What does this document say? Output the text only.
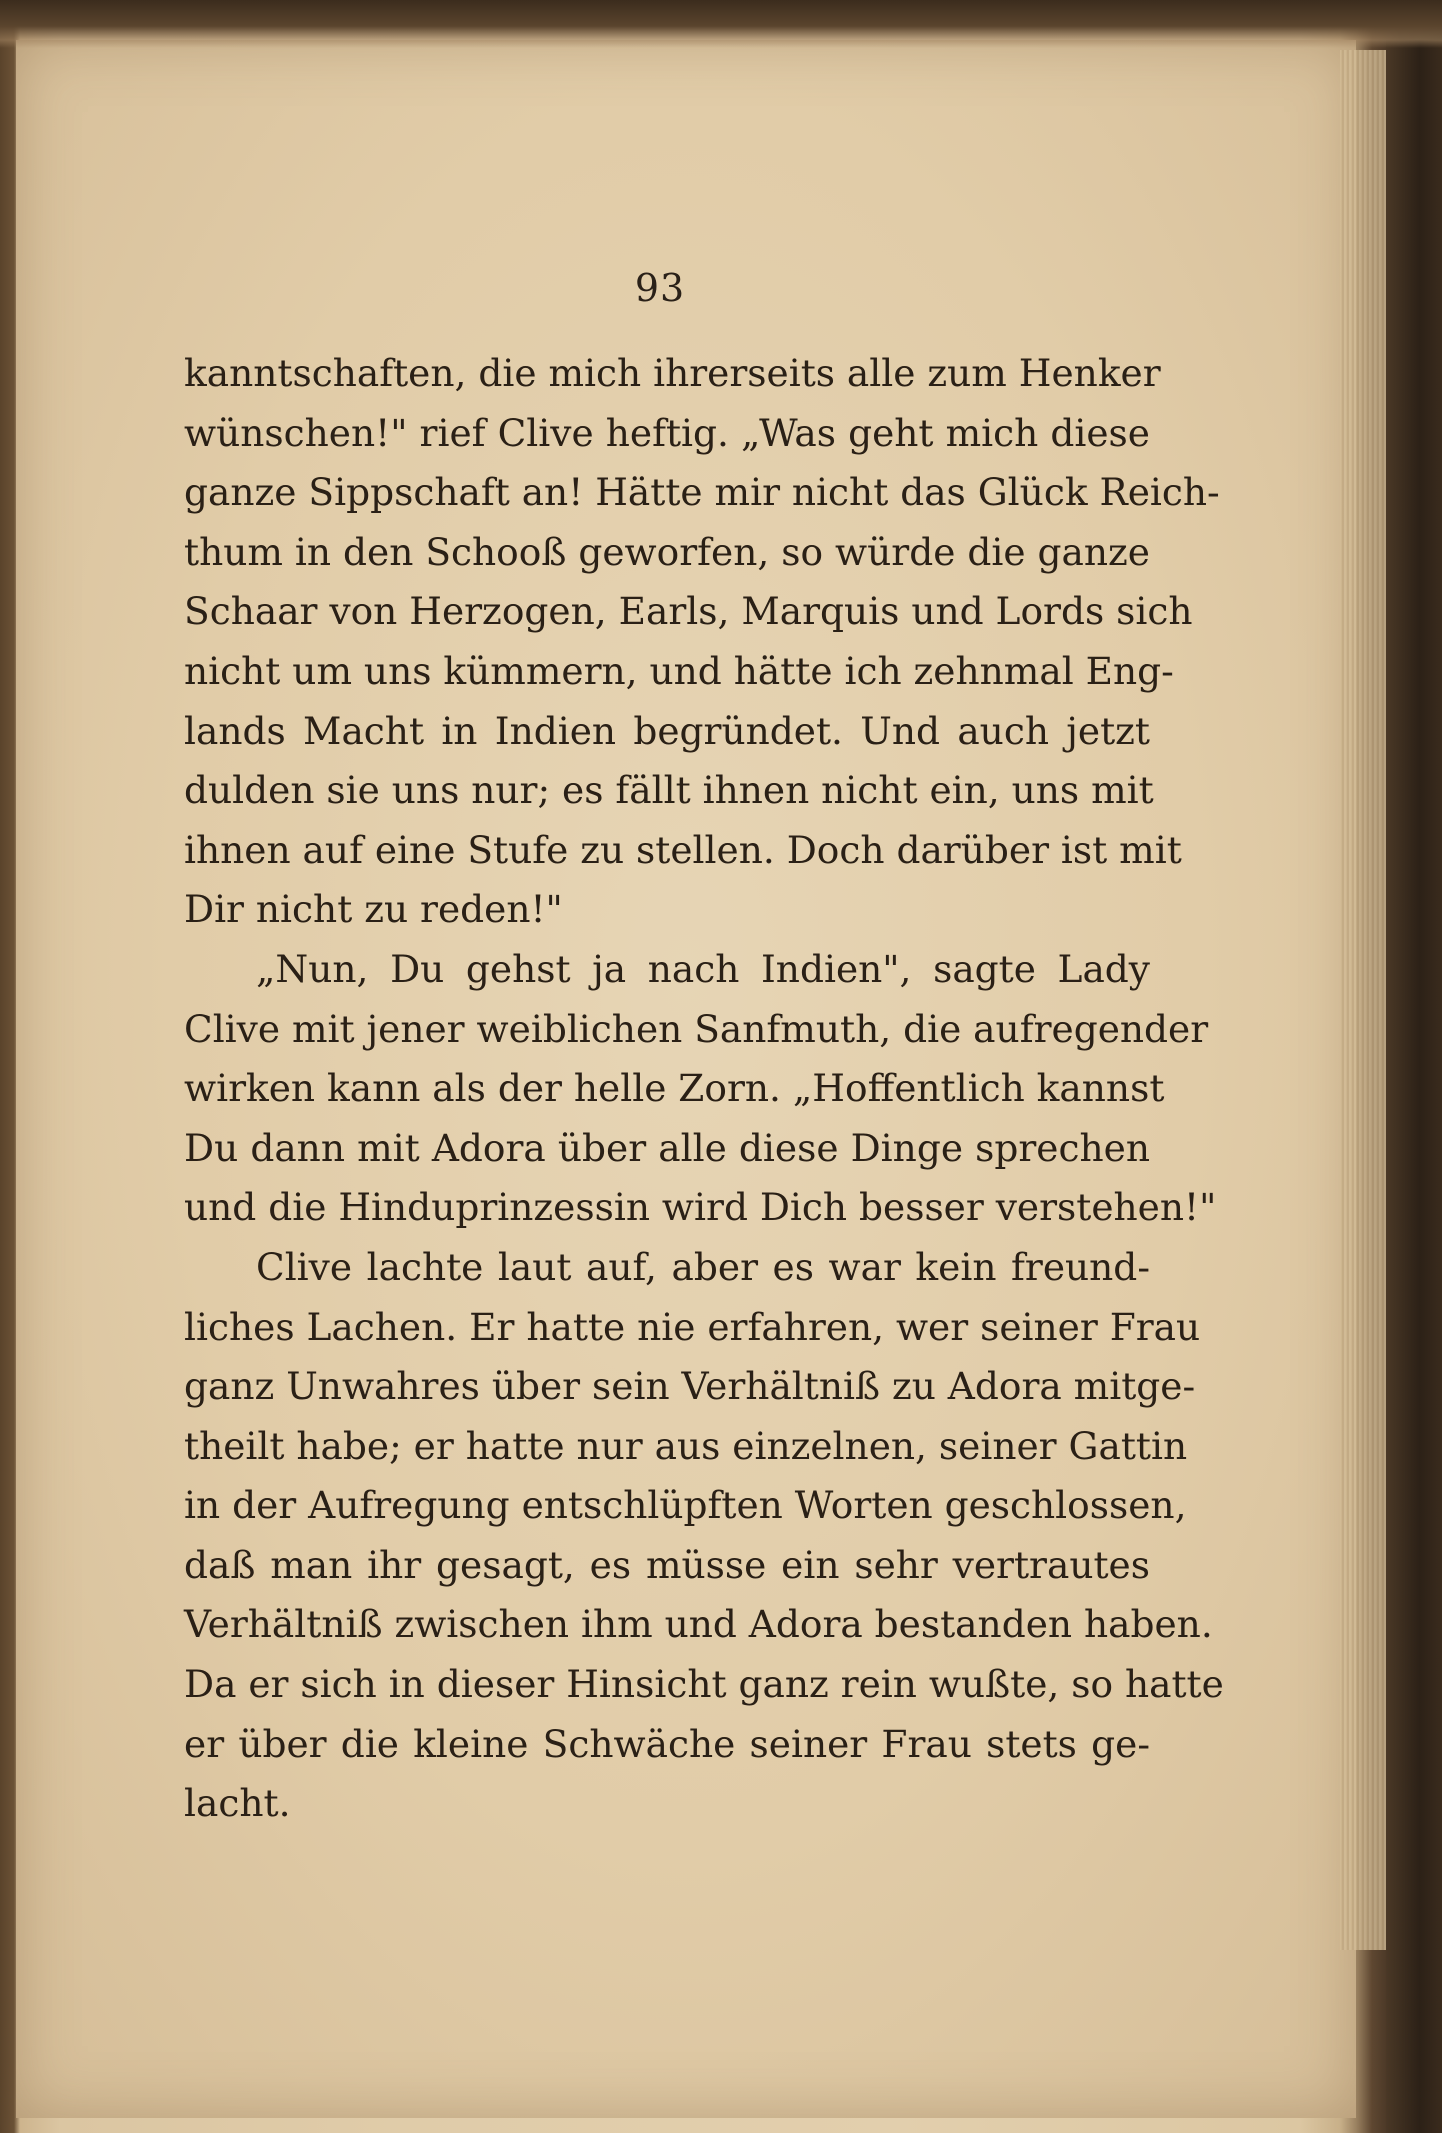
93
kanntschaften, die mich ihrerseits alle zum Henker
wünschen!" rief Clive heftig. „Was geht mich diese
ganze Sippschaft an! Hätte mir nicht das Glück Reich-
thum in den Schooß geworfen, so würde die ganze
Schaar von Herzogen, Earls, Marquis und Lords sich
nicht um uns kümmern, und hätte ich zehnmal Eng-
lands Macht in Indien begründet. Und auch jetzt
dulden sie uns nur; es fällt ihnen nicht ein, uns mit
ihnen auf eine Stufe zu stellen. Doch darüber ist mit
Dir nicht zu reden!"
„Nun, Du gehst ja nach Indien", sagte Lady
Clive mit jener weiblichen Sanfmuth, die aufregender
wirken kann als der helle Zorn. „Hoffentlich kannst
Du dann mit Adora über alle diese Dinge sprechen
und die Hinduprinzessin wird Dich besser verstehen!"
Clive lachte laut auf, aber es war kein freund-
liches Lachen. Er hatte nie erfahren, wer seiner Frau
ganz Unwahres über sein Verhältniß zu Adora mitge-
theilt habe; er hatte nur aus einzelnen, seiner Gattin
in der Aufregung entschlüpften Worten geschlossen,
daß man ihr gesagt, es müsse ein sehr vertrautes
Verhältniß zwischen ihm und Adora bestanden haben.
Da er sich in dieser Hinsicht ganz rein wußte, so hatte
er über die kleine Schwäche seiner Frau stets ge-
lacht.
